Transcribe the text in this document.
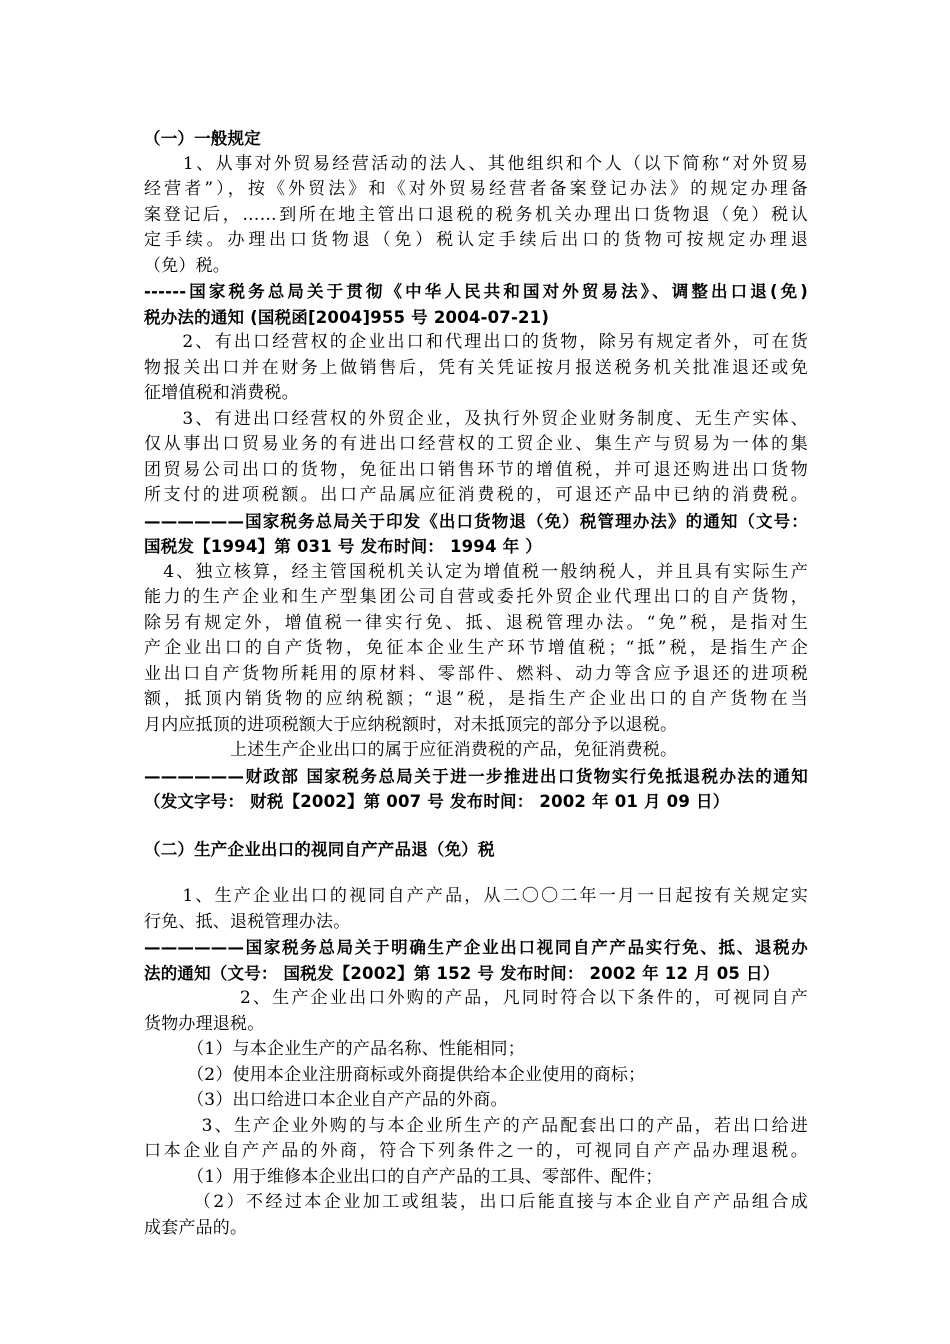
（一）一般规定
　　1、从事对外贸易经营活动的法人、其他组织和个人（以下简称“对外贸易
经营者”），按《外贸法》和《对外贸易经营者备案登记办法》的规定办理备
案登记后，……到所在地主管出口退税的税务机关办理出口货物退（免）税认
定手续。办理出口货物退（免）税认定手续后出口的货物可按规定办理退
（免）税。
------国家税务总局关于贯彻《中华人民共和国对外贸易法》、调整出口退(免)
税办法的通知 (国税函[2004]955 号 2004-07-21)
　　2、有出口经营权的企业出口和代理出口的货物，除另有规定者外，可在货
物报关出口并在财务上做销售后，凭有关凭证按月报送税务机关批准退还或免
征增值税和消费税。
　　3、有进出口经营权的外贸企业，及执行外贸企业财务制度、无生产实体、
仅从事出口贸易业务的有进出口经营权的工贸企业、集生产与贸易为一体的集
团贸易公司出口的货物，免征出口销售环节的增值税，并可退还购进出口货物
所支付的进项税额。出口产品属应征消费税的，可退还产品中已纳的消费税。
——————国家税务总局关于印发《出口货物退（免）税管理办法》的通知（文号：
国税发【1994】第 031 号 发布时间： 1994 年 ）
　4、独立核算，经主管国税机关认定为增值税一般纳税人，并且具有实际生产
能力的生产企业和生产型集团公司自营或委托外贸企业代理出口的自产货物，
除另有规定外，增值税一律实行免、抵、退税管理办法。“免”税，是指对生
产企业出口的自产货物，免征本企业生产环节增值税；“抵”税，是指生产企
业出口自产货物所耗用的原材料、零部件、燃料、动力等含应予退还的进项税
额，抵顶内销货物的应纳税额；“退”税，是指生产企业出口的自产货物在当
月内应抵顶的进项税额大于应纳税额时，对未抵顶完的部分予以退税。
　　　　　上述生产企业出口的属于应征消费税的产品，免征消费税。
——————财政部 国家税务总局关于进一步推进出口货物实行免抵退税办法的通知
（发文字号： 财税【2002】第 007 号 发布时间： 2002 年 01 月 09 日）
（二）生产企业出口的视同自产产品退（免）税
　　1、生产企业出口的视同自产产品，从二〇〇二年一月一日起按有关规定实
行免、抵、退税管理办法。
——————国家税务总局关于明确生产企业出口视同自产产品实行免、抵、退税办
法的通知（文号： 国税发【2002】第 152 号 发布时间： 2002 年 12 月 05 日）
　　　　　2、生产企业出口外购的产品，凡同时符合以下条件的，可视同自产
货物办理退税。
　　　（1）与本企业生产的产品名称、性能相同；
　　　（2）使用本企业注册商标或外商提供给本企业使用的商标；
　　　（3）出口给进口本企业自产产品的外商。
　　　3、生产企业外购的与本企业所生产的产品配套出口的产品，若出口给进
口本企业自产产品的外商，符合下列条件之一的，可视同自产产品办理退税。
　　　（1）用于维修本企业出口的自产产品的工具、零部件、配件；
　　　（2）不经过本企业加工或组装，出口后能直接与本企业自产产品组合成
成套产品的。
